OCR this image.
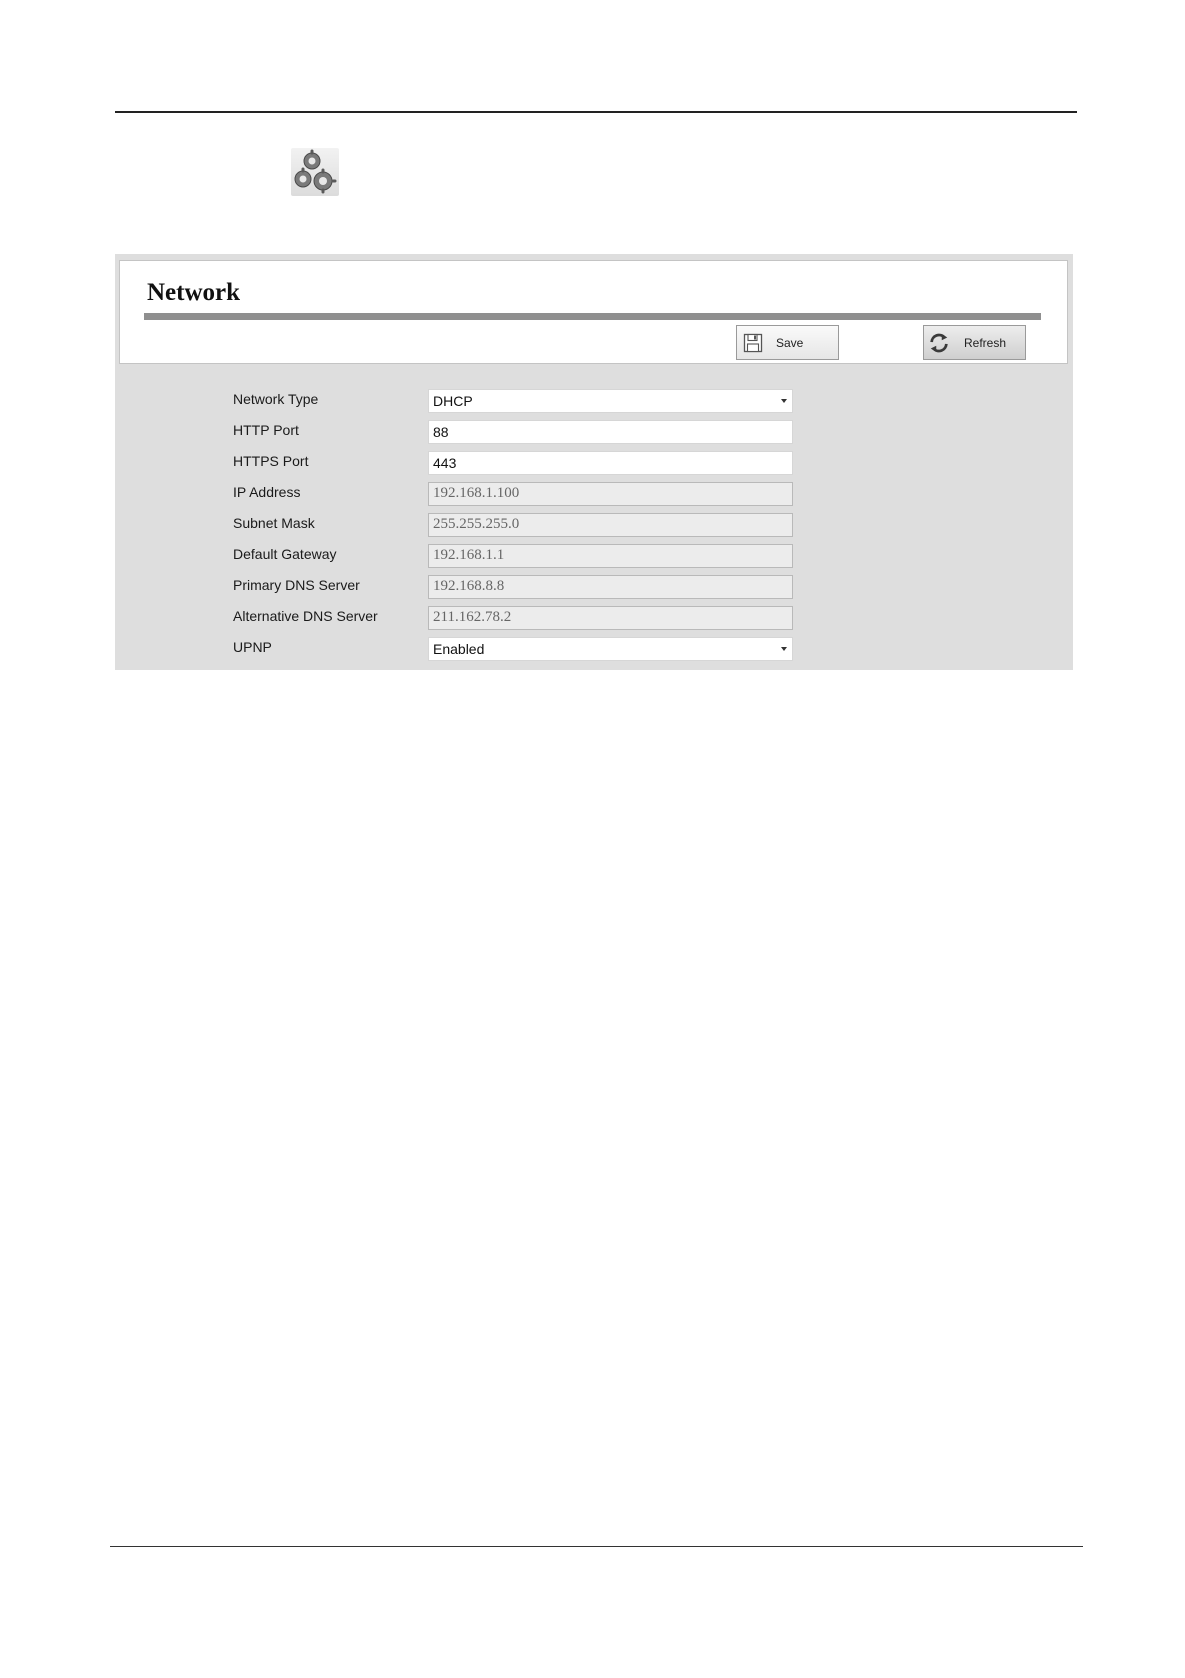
Network
Save	Refresh
Network Type	DHCP
HTTP Port	88
HTTPS Port	443
IP Address	192.168.1.100
Subnet Mask	255.255.255.0
Default Gateway	192.168.1.1
Primary DNS Server	192.168.8.8
Alternative DNS Server	211.162.78.2
UPNP	Enabled
